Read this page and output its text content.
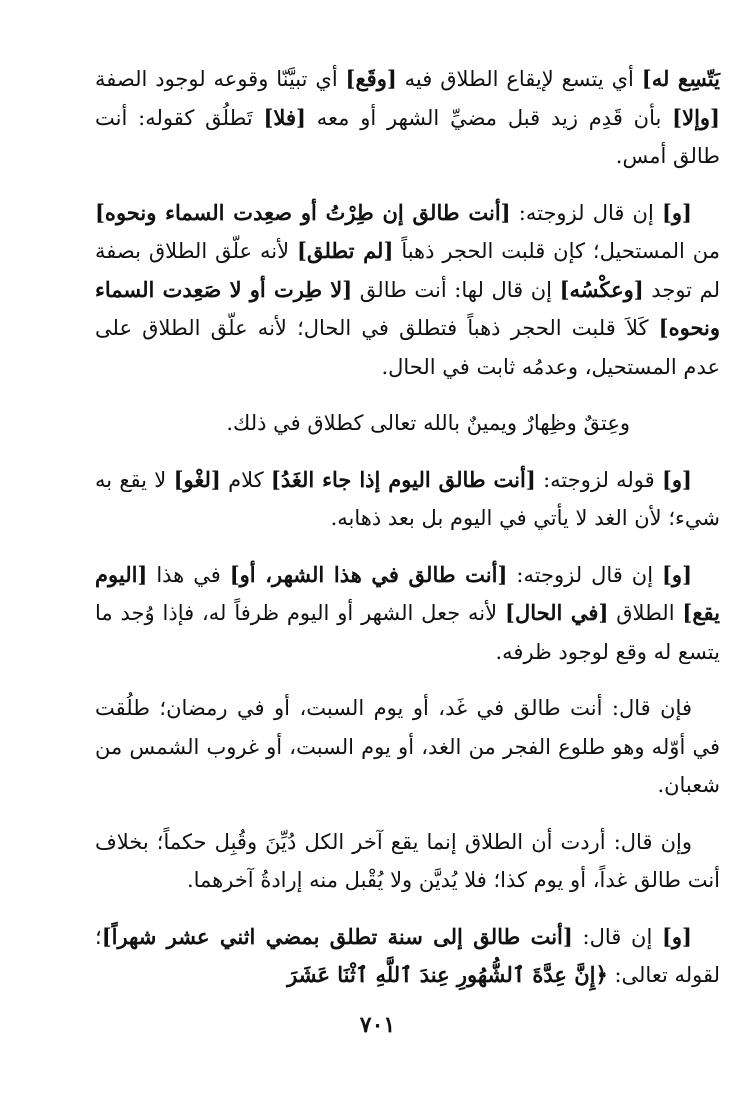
يَتّسِع له] أي يتسع لإيقاع الطلاق فيه [وقَع] أي تبيَّنّا وقوعه لوجود الصفة [وإلا] بأن قَدِم زيد قبل مضيِّ الشهر أو معه [فلا] تَطلُق كقوله: أنت طالق أمس.

[و] إن قال لزوجته: [أنت طالق إن طِرْتُ أو صعِدت السماء ونحوه] من المستحيل؛ كإن قلبت الحجر ذهباً [لم تطلق] لأنه علّق الطلاق بصفة لم توجد [وعكْسُه] إن قال لها: أنت طالق [لا طِرت أو لا صَعِدت السماء ونحوه] كَلاَ قلبت الحجر ذهباً فتطلق في الحال؛ لأنه علّق الطلاق على عدم المستحيل، وعدمُه ثابت في الحال.

وعِتقٌ وظِهارٌ ويمينٌ بالله تعالى كطلاق في ذلك.

[و] قوله لزوجته: [أنت طالق اليوم إذا جاء الغَدُ] كلام [لغْو] لا يقع به شيء؛ لأن الغد لا يأتي في اليوم بل بعد ذهابه.

[و] إن قال لزوجته: [أنت طالق في هذا الشهر، أو] في هذا [اليوم يقع] الطلاق [في الحال] لأنه جعل الشهر أو اليوم ظرفاً له، فإذا وُجد ما يتسع له وقع لوجود ظرفه.

فإن قال: أنت طالق في غَد، أو يوم السبت، أو في رمضان؛ طلُقت في أوّله وهو طلوع الفجر من الغد، أو يوم السبت، أو غروب الشمس من شعبان.

وإن قال: أردت أن الطلاق إنما يقع آخر الكل دُيِّنَ وقُبِل حكماً؛ بخلاف أنت طالق غداً، أو يوم كذا؛ فلا يُديَّن ولا يُقْبل منه إرادةُ آخرهما.

[و] إن قال: [أنت طالق إلى سنة تطلق بمضي اثني عشر شهراً]؛ لقوله تعالى: ﴿إِنَّ عِدَّةَ ٱلشُّهُورِ عِندَ ٱللَّهِ ٱثْنَا عَشَرَ

٧٠١
